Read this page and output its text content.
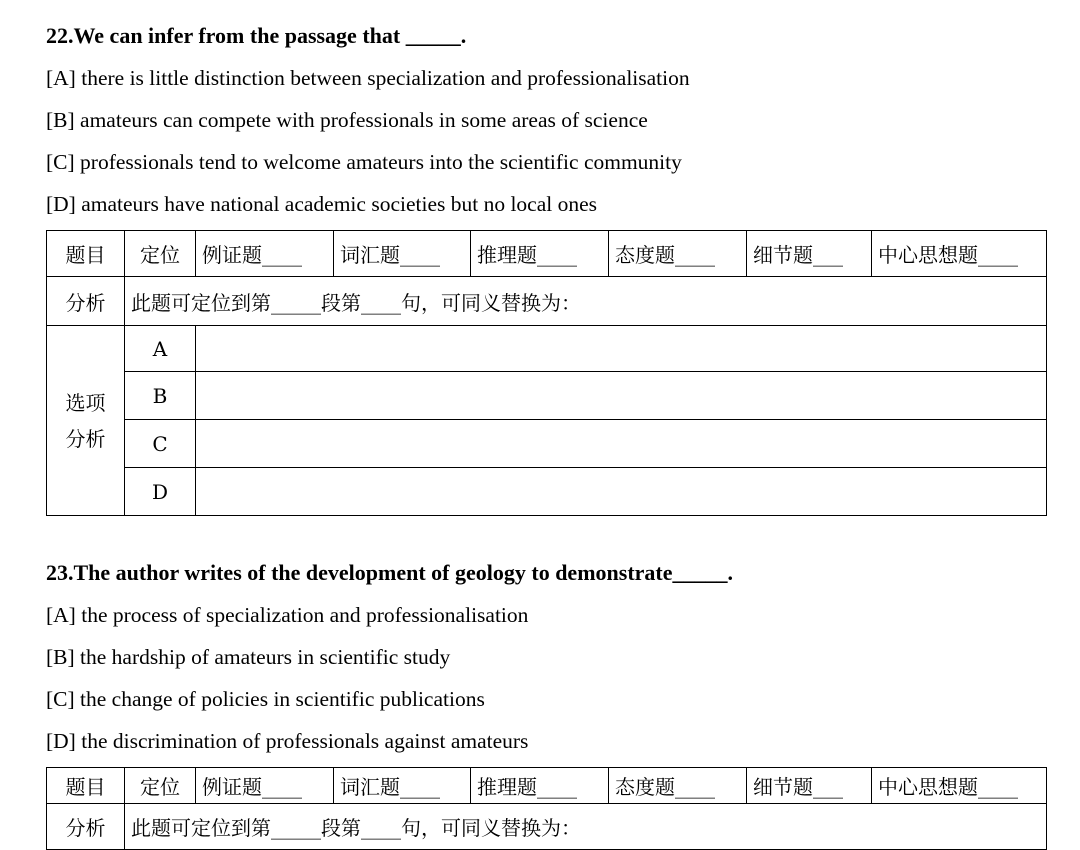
22.We can infer from the passage that _____.
[A] there is little distinction between specialization and professionalisation
[B] amateurs can compete with professionals in some areas of science
[C] professionals tend to welcome amateurs into the scientific community
[D] amateurs have national academic societies but no local ones
题目	定位	例证题____	词汇题____	推理题____	态度题____	细节题___	中心思想题____
分析	此题可定位到第_____段第____句，可同义替换为：						

选项
分析	A						
	B						
	C						
	D						
23.The author writes of the development of geology to demonstrate_____.
[A] the process of specialization and professionalisation
[B] the hardship of amateurs in scientific study
[C] the change of policies in scientific publications
[D] the discrimination of professionals against amateurs
题目	定位	例证题____	词汇题____	推理题____	态度题____	细节题___	中心思想题____
分析	此题可定位到第_____段第____句，可同义替换为：						
